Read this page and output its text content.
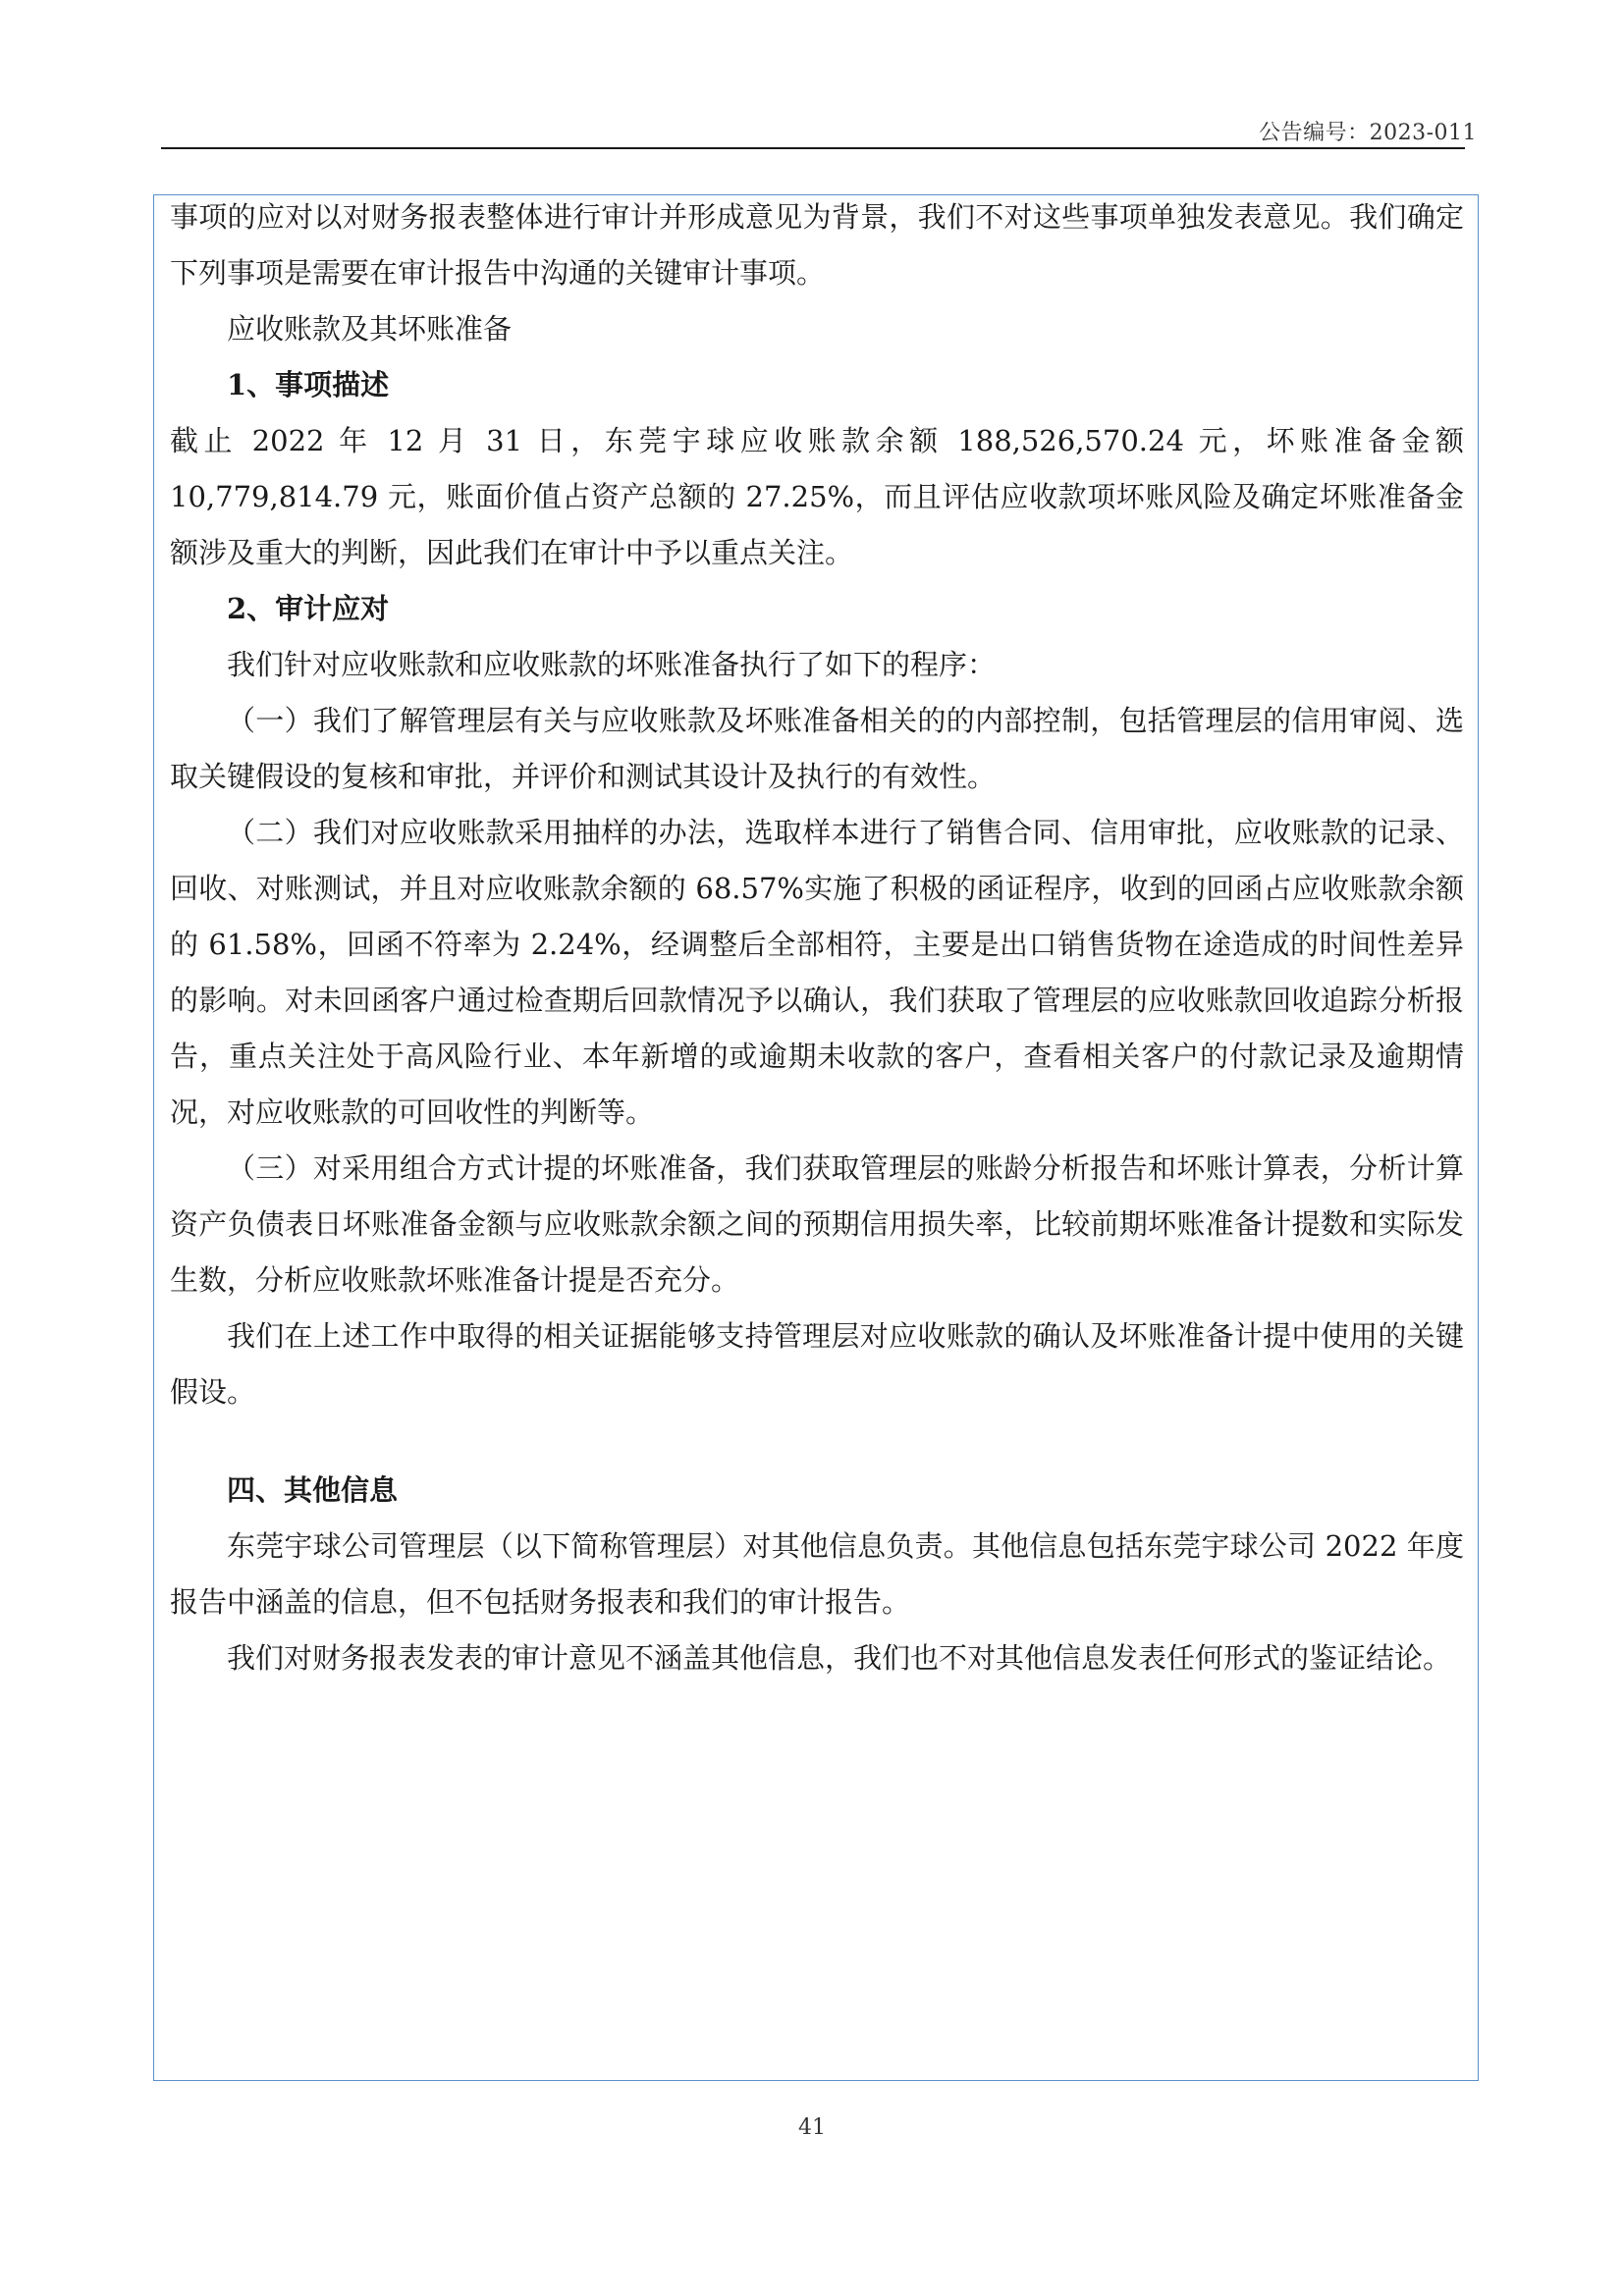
公告编号：2023-011

事项的应对以对财务报表整体进行审计并形成意见为背景，我们不对这些事项单独发表意见。我们确定下列事项是需要在审计报告中沟通的关键审计事项。

应收账款及其坏账准备

1、事项描述

截止 2022 年 12 月 31 日，东莞宇球应收账款余额 188,526,570.24 元，坏账准备金额 10,779,814.79 元，账面价值占资产总额的 27.25%，而且评估应收款项坏账风险及确定坏账准备金额涉及重大的判断，因此我们在审计中予以重点关注。

2、审计应对

我们针对应收账款和应收账款的坏账准备执行了如下的程序：

（一）我们了解管理层有关与应收账款及坏账准备相关的的内部控制，包括管理层的信用审阅、选取关键假设的复核和审批，并评价和测试其设计及执行的有效性。

（二）我们对应收账款采用抽样的办法，选取样本进行了销售合同、信用审批，应收账款的记录、回收、对账测试，并且对应收账款余额的 68.57%实施了积极的函证程序，收到的回函占应收账款余额的 61.58%，回函不符率为 2.24%，经调整后全部相符，主要是出口销售货物在途造成的时间性差异的影响。对未回函客户通过检查期后回款情况予以确认，我们获取了管理层的应收账款回收追踪分析报告，重点关注处于高风险行业、本年新增的或逾期未收款的客户，查看相关客户的付款记录及逾期情况，对应收账款的可回收性的判断等。

（三）对采用组合方式计提的坏账准备，我们获取管理层的账龄分析报告和坏账计算表，分析计算资产负债表日坏账准备金额与应收账款余额之间的预期信用损失率，比较前期坏账准备计提数和实际发生数，分析应收账款坏账准备计提是否充分。

我们在上述工作中取得的相关证据能够支持管理层对应收账款的确认及坏账准备计提中使用的关键假设。

四、其他信息

东莞宇球公司管理层（以下简称管理层）对其他信息负责。其他信息包括东莞宇球公司 2022 年度报告中涵盖的信息，但不包括财务报表和我们的审计报告。

我们对财务报表发表的审计意见不涵盖其他信息，我们也不对其他信息发表任何形式的鉴证结论。

41
